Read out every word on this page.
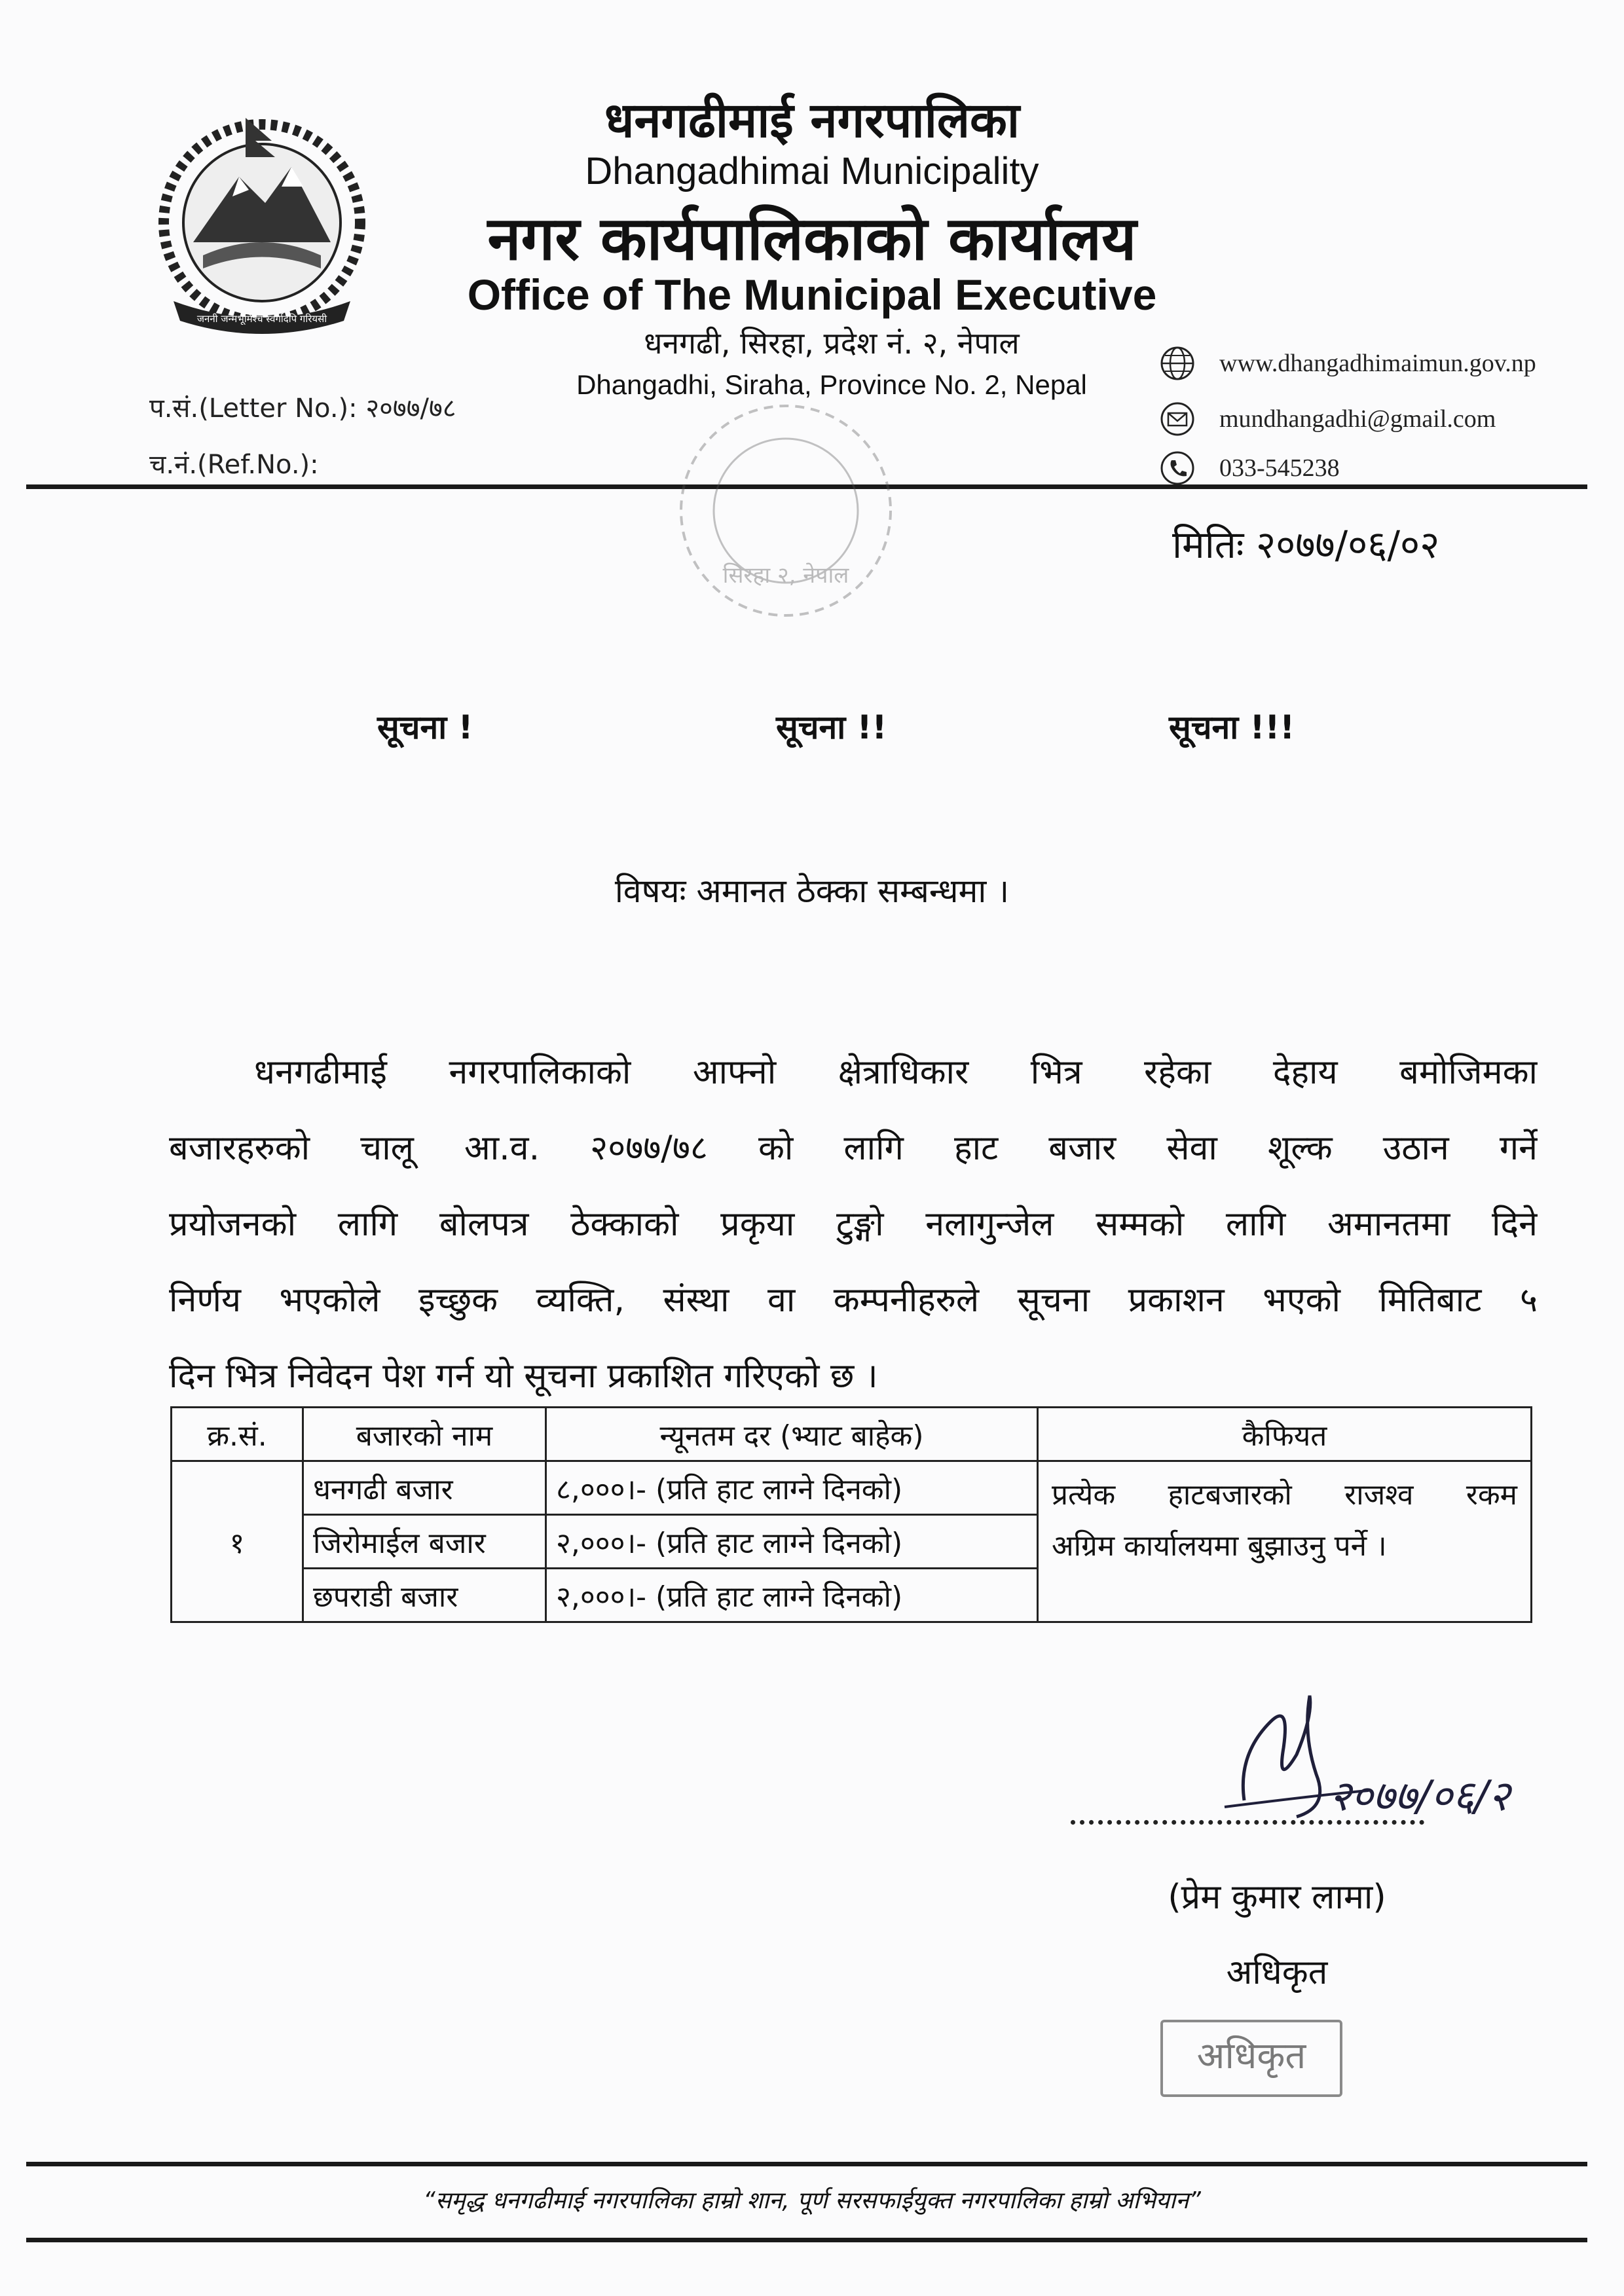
जननी जन्मभूमिश्च स्वर्गादपि गरियसी
धनगढीमाई नगरपालिका
Dhangadhimai Municipality
नगर कार्यपालिकाको कार्यालय
Office of The Municipal Executive
धनगढी, सिरहा, प्रदेश नं. २, नेपाल
Dhangadhi, Siraha, Province No. 2, Nepal
प.सं.(Letter No.): २०७७/७८
च.नं.(Ref.No.):
www.dhangadhimaimun.gov.np
mundhangadhi@gmail.com
033-545238
सिरहा २, नेपाल
मितिः २०७७/०६/०२
सूचना !	सूचना !!	सूचना !!!
विषयः अमानत ठेक्का सम्बन्धमा ।
धनगढीमाई नगरपालिकाको आफ्नो क्षेत्राधिकार भित्र रहेका देहाय बमोजिमका
बजारहरुको चालू आ.व. २०७७/७८ को लागि हाट बजार सेवा शूल्क उठान गर्ने
प्रयोजनको लागि बोलपत्र ठेक्काको प्रकृया टुङ्गो नलागुन्जेल सम्मको लागि अमानतमा दिने
निर्णय भएकोले इच्छुक व्यक्ति, संस्था वा कम्पनीहरुले सूचना प्रकाशन भएको मितिबाट ५
दिन भित्र निवेदन पेश गर्न यो सूचना प्रकाशित गरिएको छ ।
क्र.सं.	बजारको नाम	न्यूनतम दर (भ्याट बाहेक)	कैफियत
१	धनगढी बजार	८,०००।- (प्रति हाट लाग्ने दिनको)	प्रत्येक हाटबजारको राजश्व रकम
अग्रिम कार्यालयमा बुझाउनु पर्ने ।

	जिरोमाईल बजार	२,०००।- (प्रति हाट लाग्ने दिनको)	
	छपराडी बजार	२,०००।- (प्रति हाट लाग्ने दिनको)	
२०७७/०६/२
(प्रेम कुमार लामा)
अधिकृत
अधिकृत
“समृद्ध धनगढीमाई नगरपालिका हाम्रो शान, पूर्ण सरसफाईयुक्त नगरपालिका हाम्रो अभियान”
